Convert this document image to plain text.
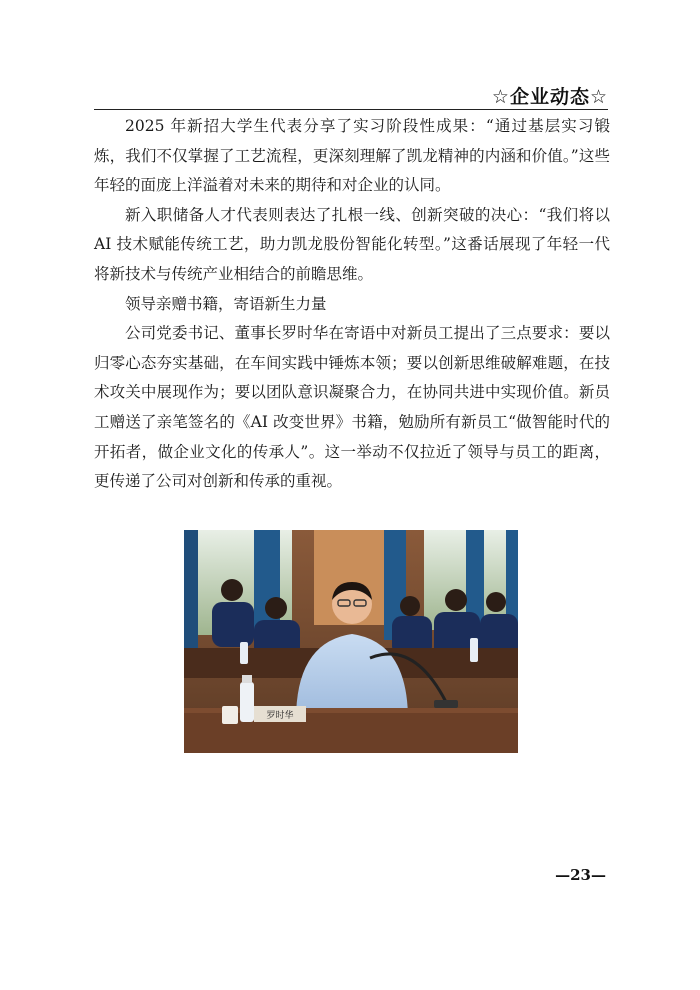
☆企业动态☆

2025 年新招大学生代表分享了实习阶段性成果：“通过基层实习锻炼，我们不仅掌握了工艺流程，更深刻理解了凯龙精神的内涵和价值。”这些年轻的面庞上洋溢着对未来的期待和对企业的认同。

新入职储备人才代表则表达了扎根一线、创新突破的决心：“我们将以 AI 技术赋能传统工艺，助力凯龙股份智能化转型。”这番话展现了年轻一代将新技术与传统产业相结合的前瞻思维。

领导亲赠书籍，寄语新生力量

公司党委书记、董事长罗时华在寄语中对新员工提出了三点要求：要以归零心态夯实基础，在车间实践中锤炼本领；要以创新思维破解难题，在技术攻关中展现作为；要以团队意识凝聚合力，在协同共进中实现价值。新员工赠送了亲笔签名的《AI 改变世界》书籍，勉励所有新员工“做智能时代的开拓者，做企业文化的传承人”。这一举动不仅拉近了领导与员工的距离，更传递了公司对创新和传承的重视。

罗时华
—23—
